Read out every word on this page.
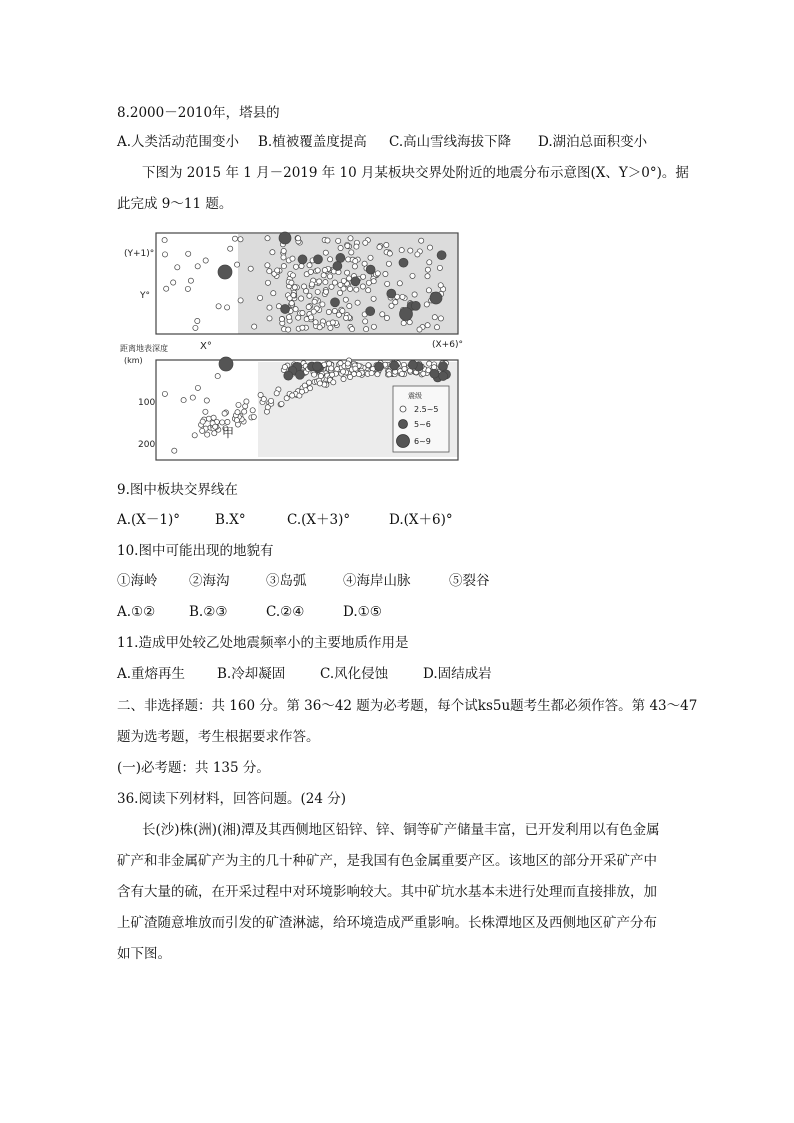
8.2000－2010年，塔县的
A.人类活动范围变小 B.植被覆盖度提高 C.高山雪线海拔下降 D.湖泊总面积变小
下图为 2015 年 1 月－2019 年 10 月某板块交界处附近的地震分布示意图(X、Y＞0°)。据
此完成 9～11 题。
(Y+1)°
Y°
X°	(X+6)°
距离地表深度
(km)
100
200
甲
震级
2.5~5
5~6
6~9
9.图中板块交界线在
A.(X－1)°	B.X°	C.(X＋3)°	D.(X＋6)°
10.图中可能出现的地貌有
①海岭 ②海沟	③岛弧	④海岸山脉	⑤裂谷
A.①②	B.②③	C.②④	D.①⑤
11.造成甲处较乙处地震频率小的主要地质作用是
A.重熔再生 B.冷却凝固	C.风化侵蚀	D.固结成岩
二、非选择题：共 160 分。第 36～42 题为必考题，每个试ks5u题考生都必须作答。第 43～47
题为选考题，考生根据要求作答。
(一)必考题：共 135 分。
36.阅读下列材料，回答问题。(24 分)
长(沙)株(洲)(湘)潭及其西侧地区铅锌、锌、铜等矿产储量丰富，已开发利用以有色金属
矿产和非金属矿产为主的几十种矿产，是我国有色金属重要产区。该地区的部分开采矿产中
含有大量的硫，在开采过程中对环境影响较大。其中矿坑水基本未进行处理而直接排放，加
上矿渣随意堆放而引发的矿渣淋滤，给环境造成严重影响。长株潭地区及西侧地区矿产分布
如下图。
